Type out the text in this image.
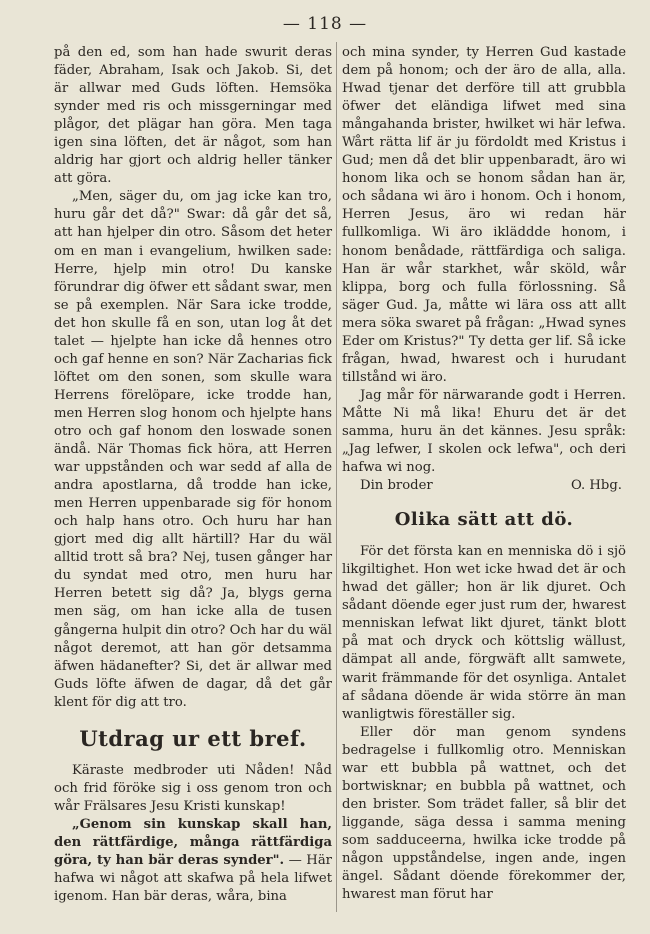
— 118 —

på den ed, som han hade swurit deras fäder, Abraham, Isak och Jakob. Si, det är allwar med Guds löften. Hemsöka synder med ris och missgerningar med plågor, det plägar han göra. Men taga igen sina löften, det är något, som han aldrig har gjort och aldrig heller tänker att göra.

„Men, säger du, om jag icke kan tro, huru går det då?" Swar: då går det så, att han hjelper din otro. Såsom det heter om en man i evangelium, hwilken sade: Herre, hjelp min otro! Du kanske förundrar dig öfwer ett sådant swar, men se på exemplen. När Sara icke trodde, det hon skulle få en son, utan log åt det talet — hjelpte han icke då hennes otro och gaf henne en son? När Zacharias fick löftet om den sonen, som skulle wara Herrens förelöpare, icke trodde han, men Herren slog honom och hjelpte hans otro och gaf honom den loswade sonen ändå. När Thomas fick höra, att Herren war uppstånden och war sedd af alla de andra apostlarna, då trodde han icke, men Herren uppenbarade sig för honom och halp hans otro. Och huru har han gjort med dig allt härtill? Har du wäl alltid trott så bra? Nej, tusen gånger har du syndat med otro, men huru har Herren betett sig då? Ja, blygs gerna men säg, om han icke alla de tusen gångerna hulpit din otro? Och har du wäl något deremot, att han gör detsamma äfwen hädanefter? Si, det är allwar med Guds löfte äfwen de dagar, då det går klent för dig att tro.

Utdrag ur ett bref.

Käraste medbroder uti Nåden! Nåd och frid föröke sig i oss genom tron och wår Frälsares Jesu Kristi kunskap!

„Genom sin kunskap skall han, den rättfärdige, många rättfärdiga göra, ty han bär deras synder". — Här hafwa wi något att skafwa på hela lifwet igenom. Han bär deras, wåra, bina

och mina synder, ty Herren Gud kastade dem på honom; och der äro de alla, alla. Hwad tjenar det derföre till att grubbla öfwer det eländiga lifwet med sina mångahanda brister, hwilket wi här lefwa. Wårt rätta lif är ju fördoldt med Kristus i Gud; men då det blir uppenbaradt, äro wi honom lika och se honom sådan han är, och sådana wi äro i honom. Och i honom, Herren Jesus, äro wi redan här fullkomliga. Wi äro ikläddde honom, i honom benådade, rättfärdiga och saliga. Han är wår starkhet, wår sköld, wår klippa, borg och fulla förlossning. Så säger Gud. Ja, måtte wi lära oss att allt mera söka swaret på frågan: „Hwad synes Eder om Kristus?" Ty detta ger lif. Så icke frågan, hwad, hwarest och i hurudant tillstånd wi äro.

Jag mår för närwarande godt i Herren. Måtte Ni må lika! Ehuru det är det samma, huru än det kännes. Jesu språk: „Jag lefwer, I skolen ock lefwa", och deri hafwa wi nog.

Din broder	O. Hbg.
Olika sätt att dö.

För det första kan en menniska dö i sjö likgiltighet. Hon wet icke hwad det är och hwad det gäller; hon är lik djuret. Och sådant döende eger just rum der, hwarest menniskan lefwat likt djuret, tänkt blott på mat och dryck och köttslig wällust, dämpat all ande, förgwäft allt samwete, warit främmande för det osynliga. Antalet af sådana döende är wida större än man wanligtwis föreställer sig.

Eller dör man genom syndens bedragelse i fullkomlig otro. Menniskan war ett bubbla på wattnet, och det bortwisknar; en bubbla på wattnet, och den brister. Som trädet faller, så blir det liggande, säga dessa i samma mening som sadduceerna, hwilka icke trodde på någon uppståndelse, ingen ande, ingen ängel. Sådant döende förekommer der, hwarest man förut har
